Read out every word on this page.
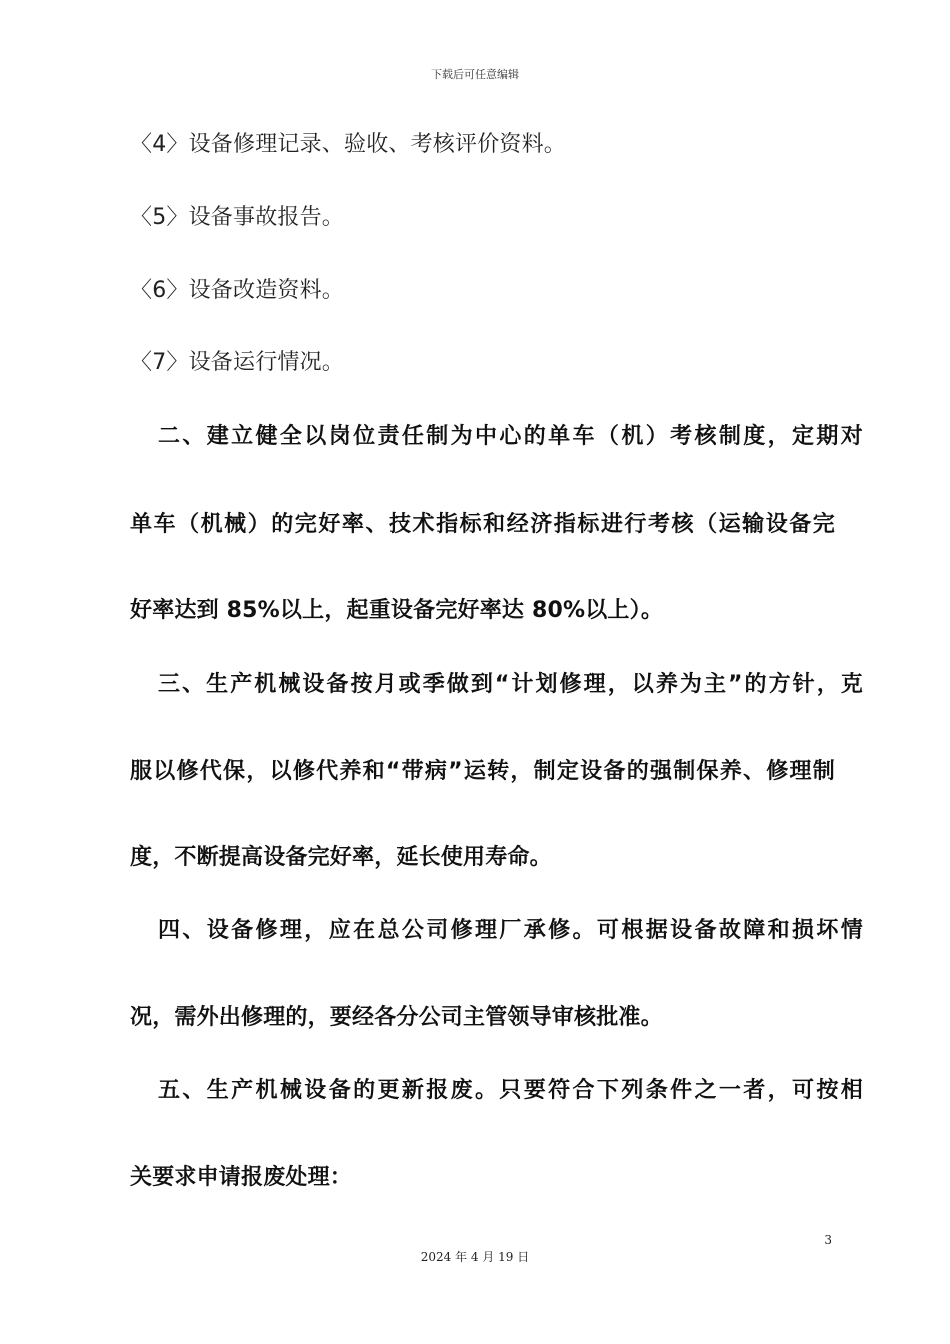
下载后可任意编辑
〈4〉设备修理记录、验收、考核评价资料。
〈5〉设备事故报告。
〈6〉设备改造资料。
〈7〉设备运行情况。
二、建立健全以岗位责任制为中心的单车（机）考核制度，定期对
单车（机械）的完好率、技术指标和经济指标进行考核（运输设备完
好率达到 85%以上，起重设备完好率达 80%以上）。
三、生产机械设备按月或季做到“计划修理，以养为主”的方针，克
服以修代保，以修代养和“带病”运转，制定设备的强制保养、修理制
度，不断提高设备完好率，延长使用寿命。
四、设备修理，应在总公司修理厂承修。可根据设备故障和损坏情
况，需外出修理的，要经各分公司主管领导审核批准。
五、生产机械设备的更新报废。只要符合下列条件之一者，可按相
关要求申请报废处理：
3
2024 年 4 月 19 日
